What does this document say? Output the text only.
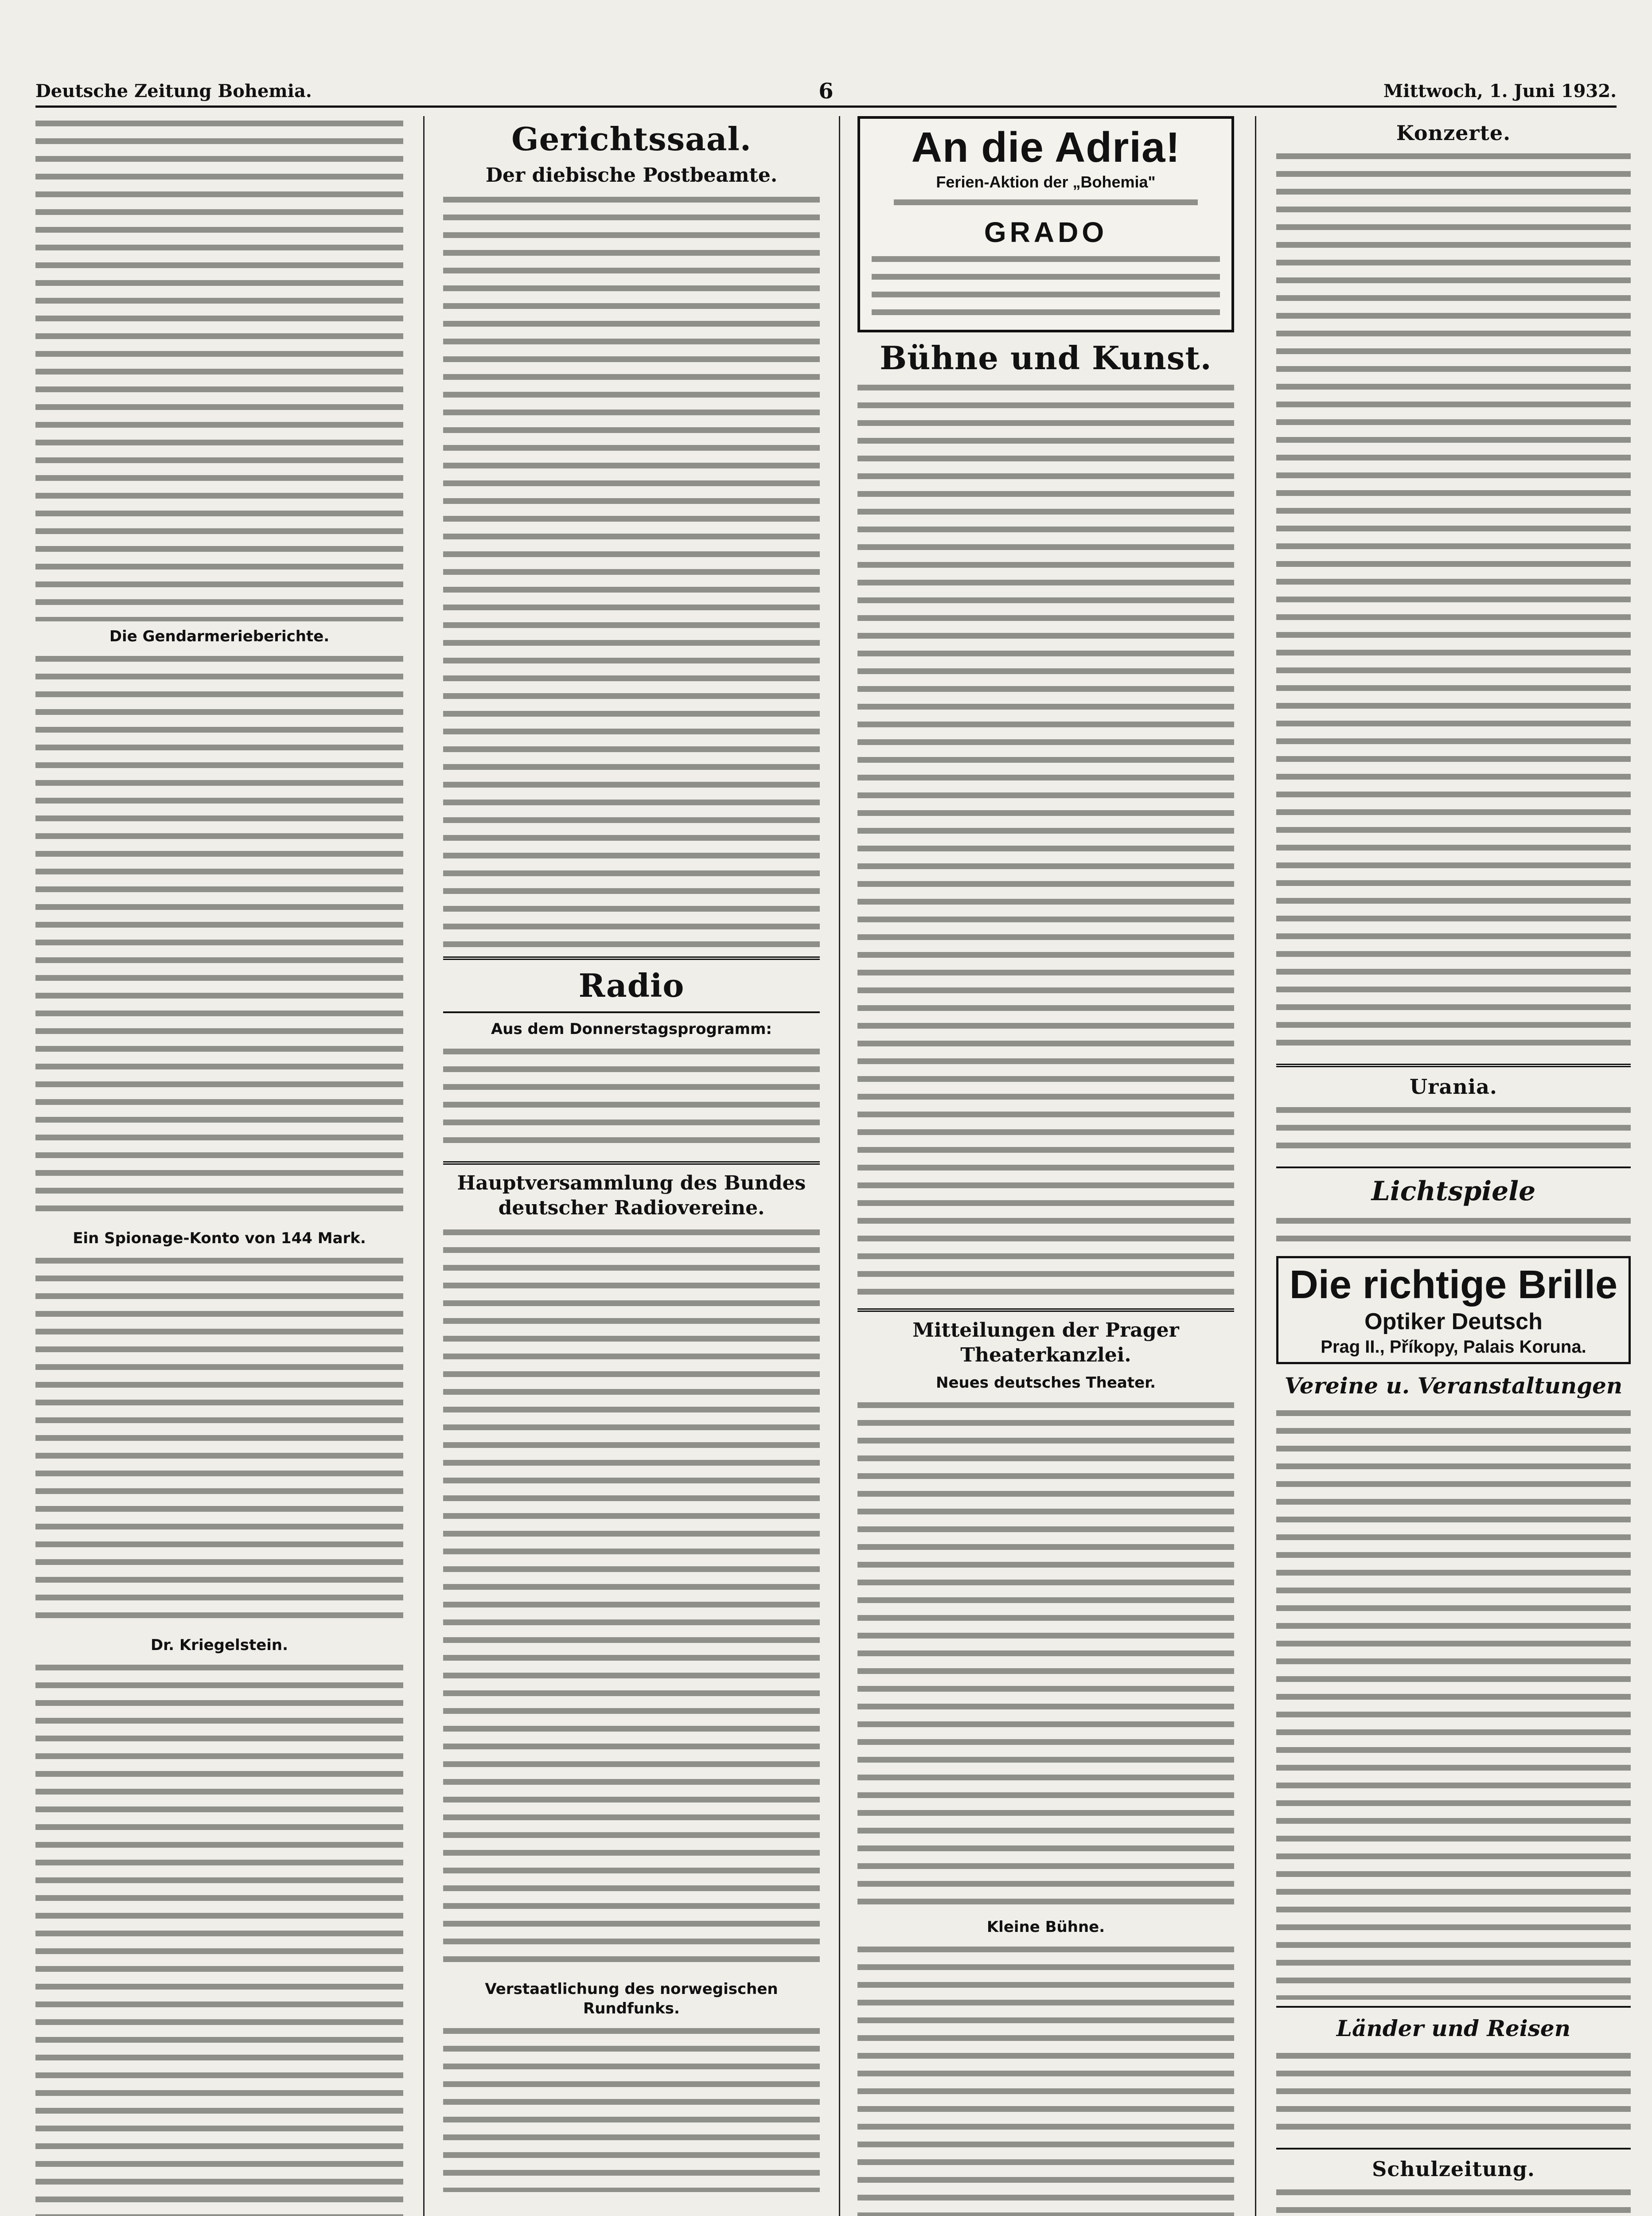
Deutsche Zeitung Bohemia.	6	Mittwoch, 1. Juni 1932.
Die Gendarmerieberichte.
Ein Spionage-Konto von 144 Mark.
Dr. Kriegelstein.
Gerichtssaal.
Der diebische Postbeamte.
Radio
Aus dem Donnerstagsprogramm:
Hauptversammlung des Bundes deutscher Radiovereine.
Verstaatlichung des norwegischen Rundfunks.
An die Adria!
Ferien-Aktion der „Bohemia"
GRADO
Bühne und Kunst.
Mitteilungen der Prager Theaterkanzlei.
Neues deutsches Theater.
Kleine Bühne.
Konzerte.
Urania.
Lichtspiele
Die richtige Brille
Optiker Deutsch
Prag II., Příkopy, Palais Koruna.
Vereine u. Veranstaltungen
Länder und Reisen
Schulzeitung.
